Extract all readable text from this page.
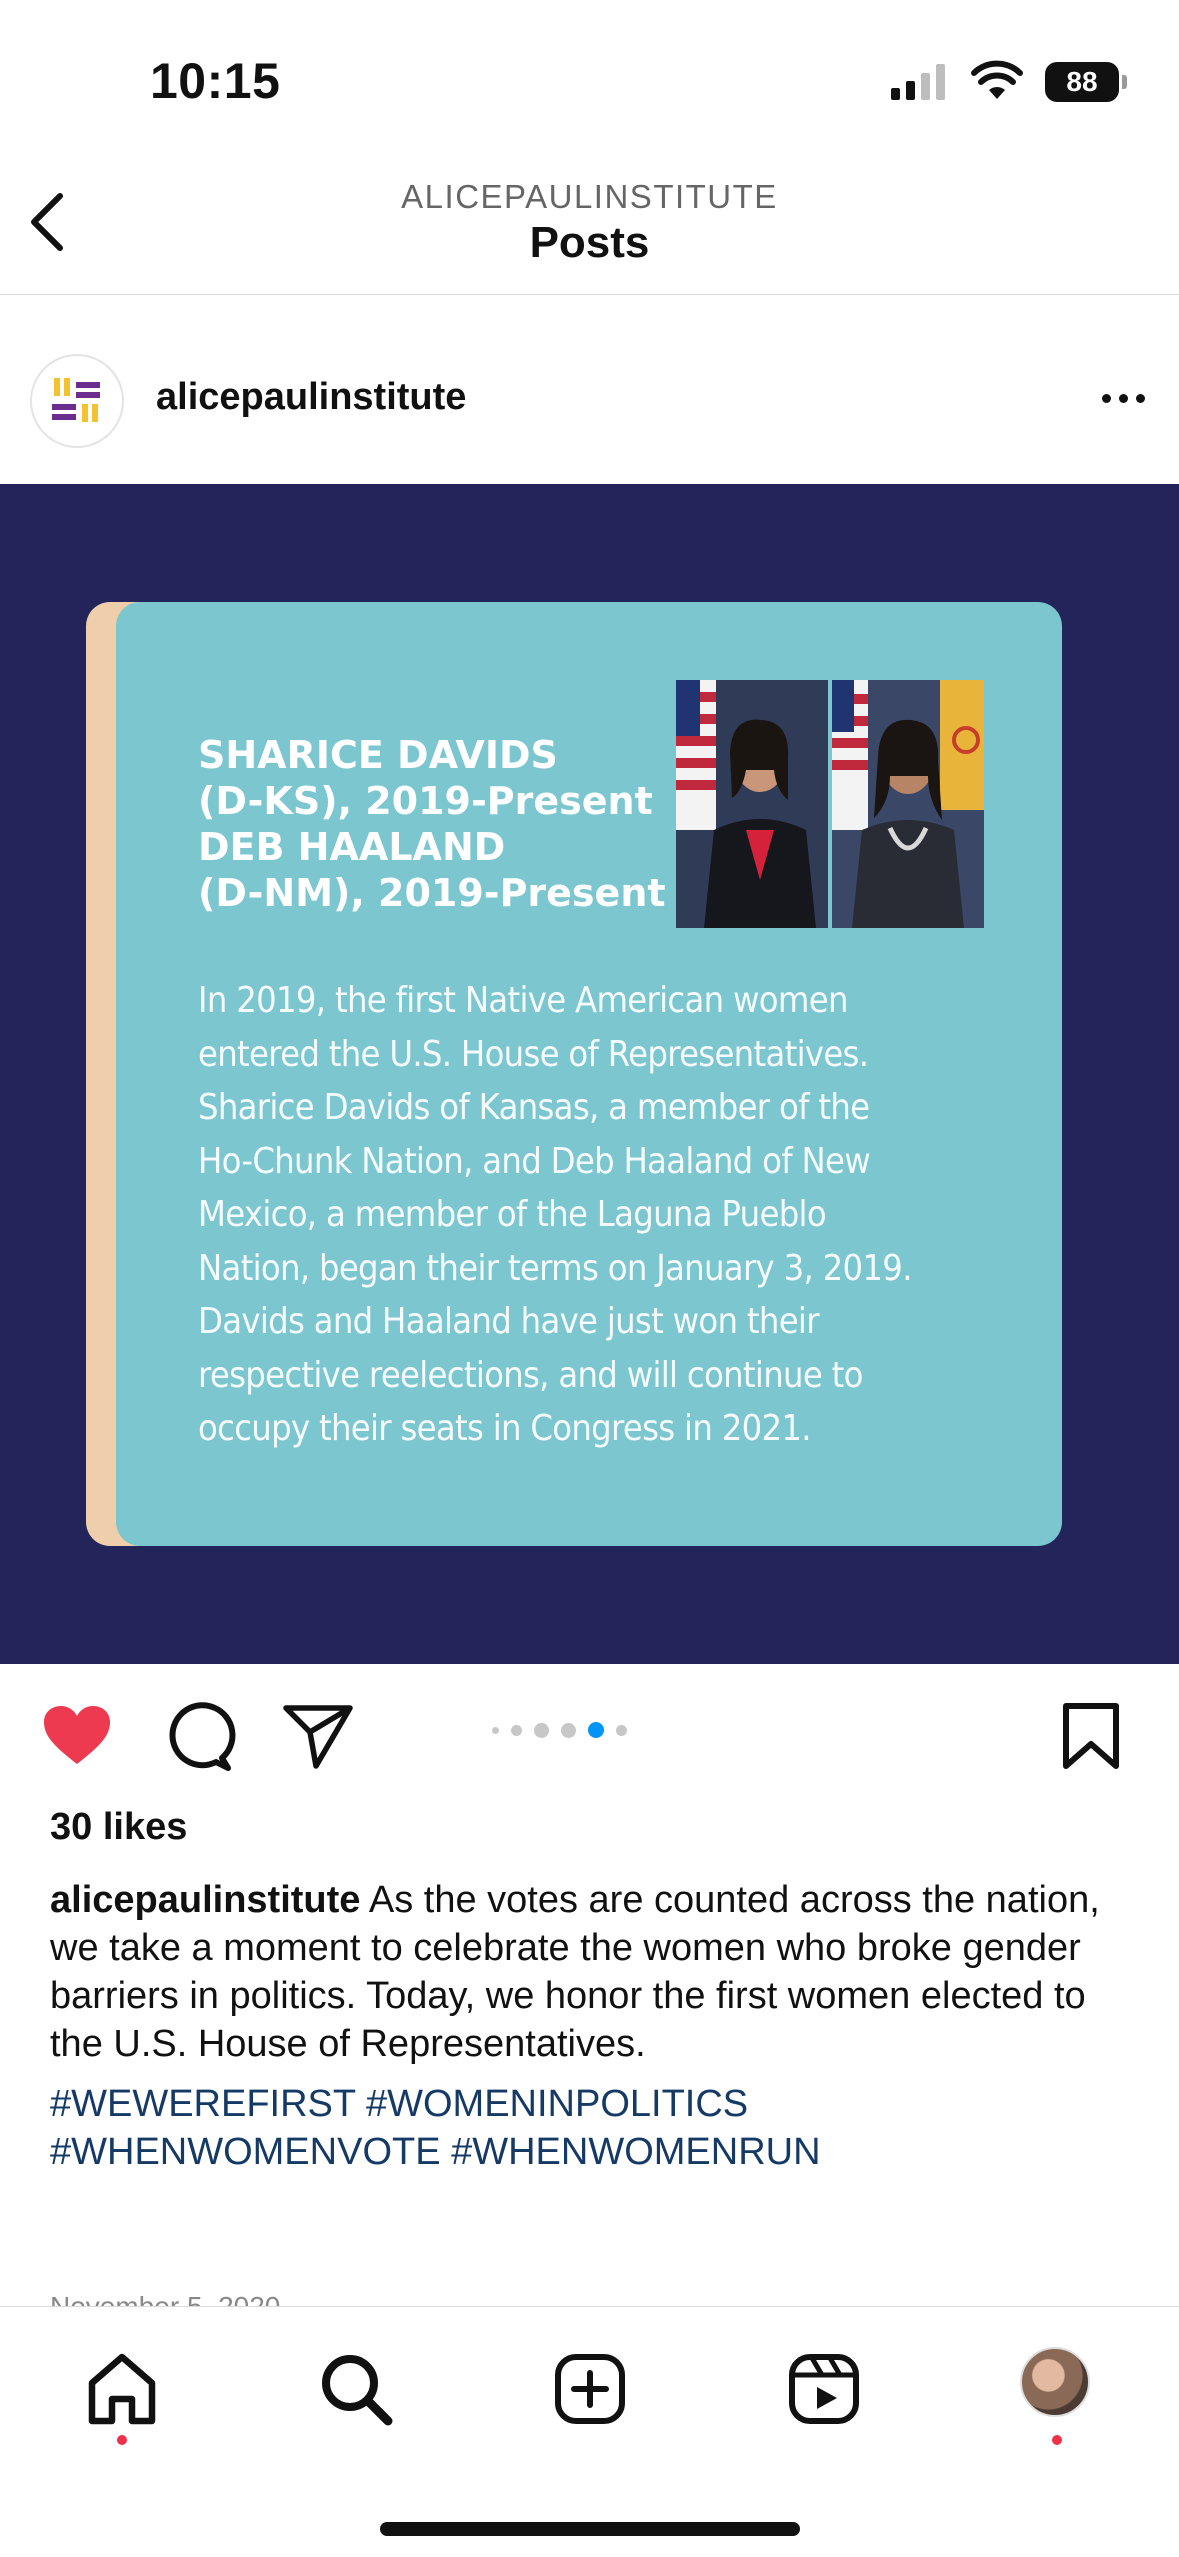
10:15	88
ALICEPAULINSTITUTE
Posts
alicepaulinstitute
SHARICE DAVIDS
(D-KS), 2019-Present
DEB HAALAND
(D-NM), 2019-Present
In 2019, the first Native American women entered the U.S. House of Representatives. Sharice Davids of Kansas, a member of the Ho-Chunk Nation, and Deb Haaland of New Mexico, a member of the Laguna Pueblo Nation, began their terms on January 3, 2019. Davids and Haaland have just won their respective reelections, and will continue to occupy their seats in Congress in 2021.
30 likes
alicepaulinstitute As the votes are counted across the nation, we take a moment to celebrate the women who broke gender barriers in politics. Today, we honor the first women elected to the U.S. House of Representatives.
#WEWEREFIRST #WOMENINPOLITICS #WHENWOMENVOTE #WHENWOMENRUN
